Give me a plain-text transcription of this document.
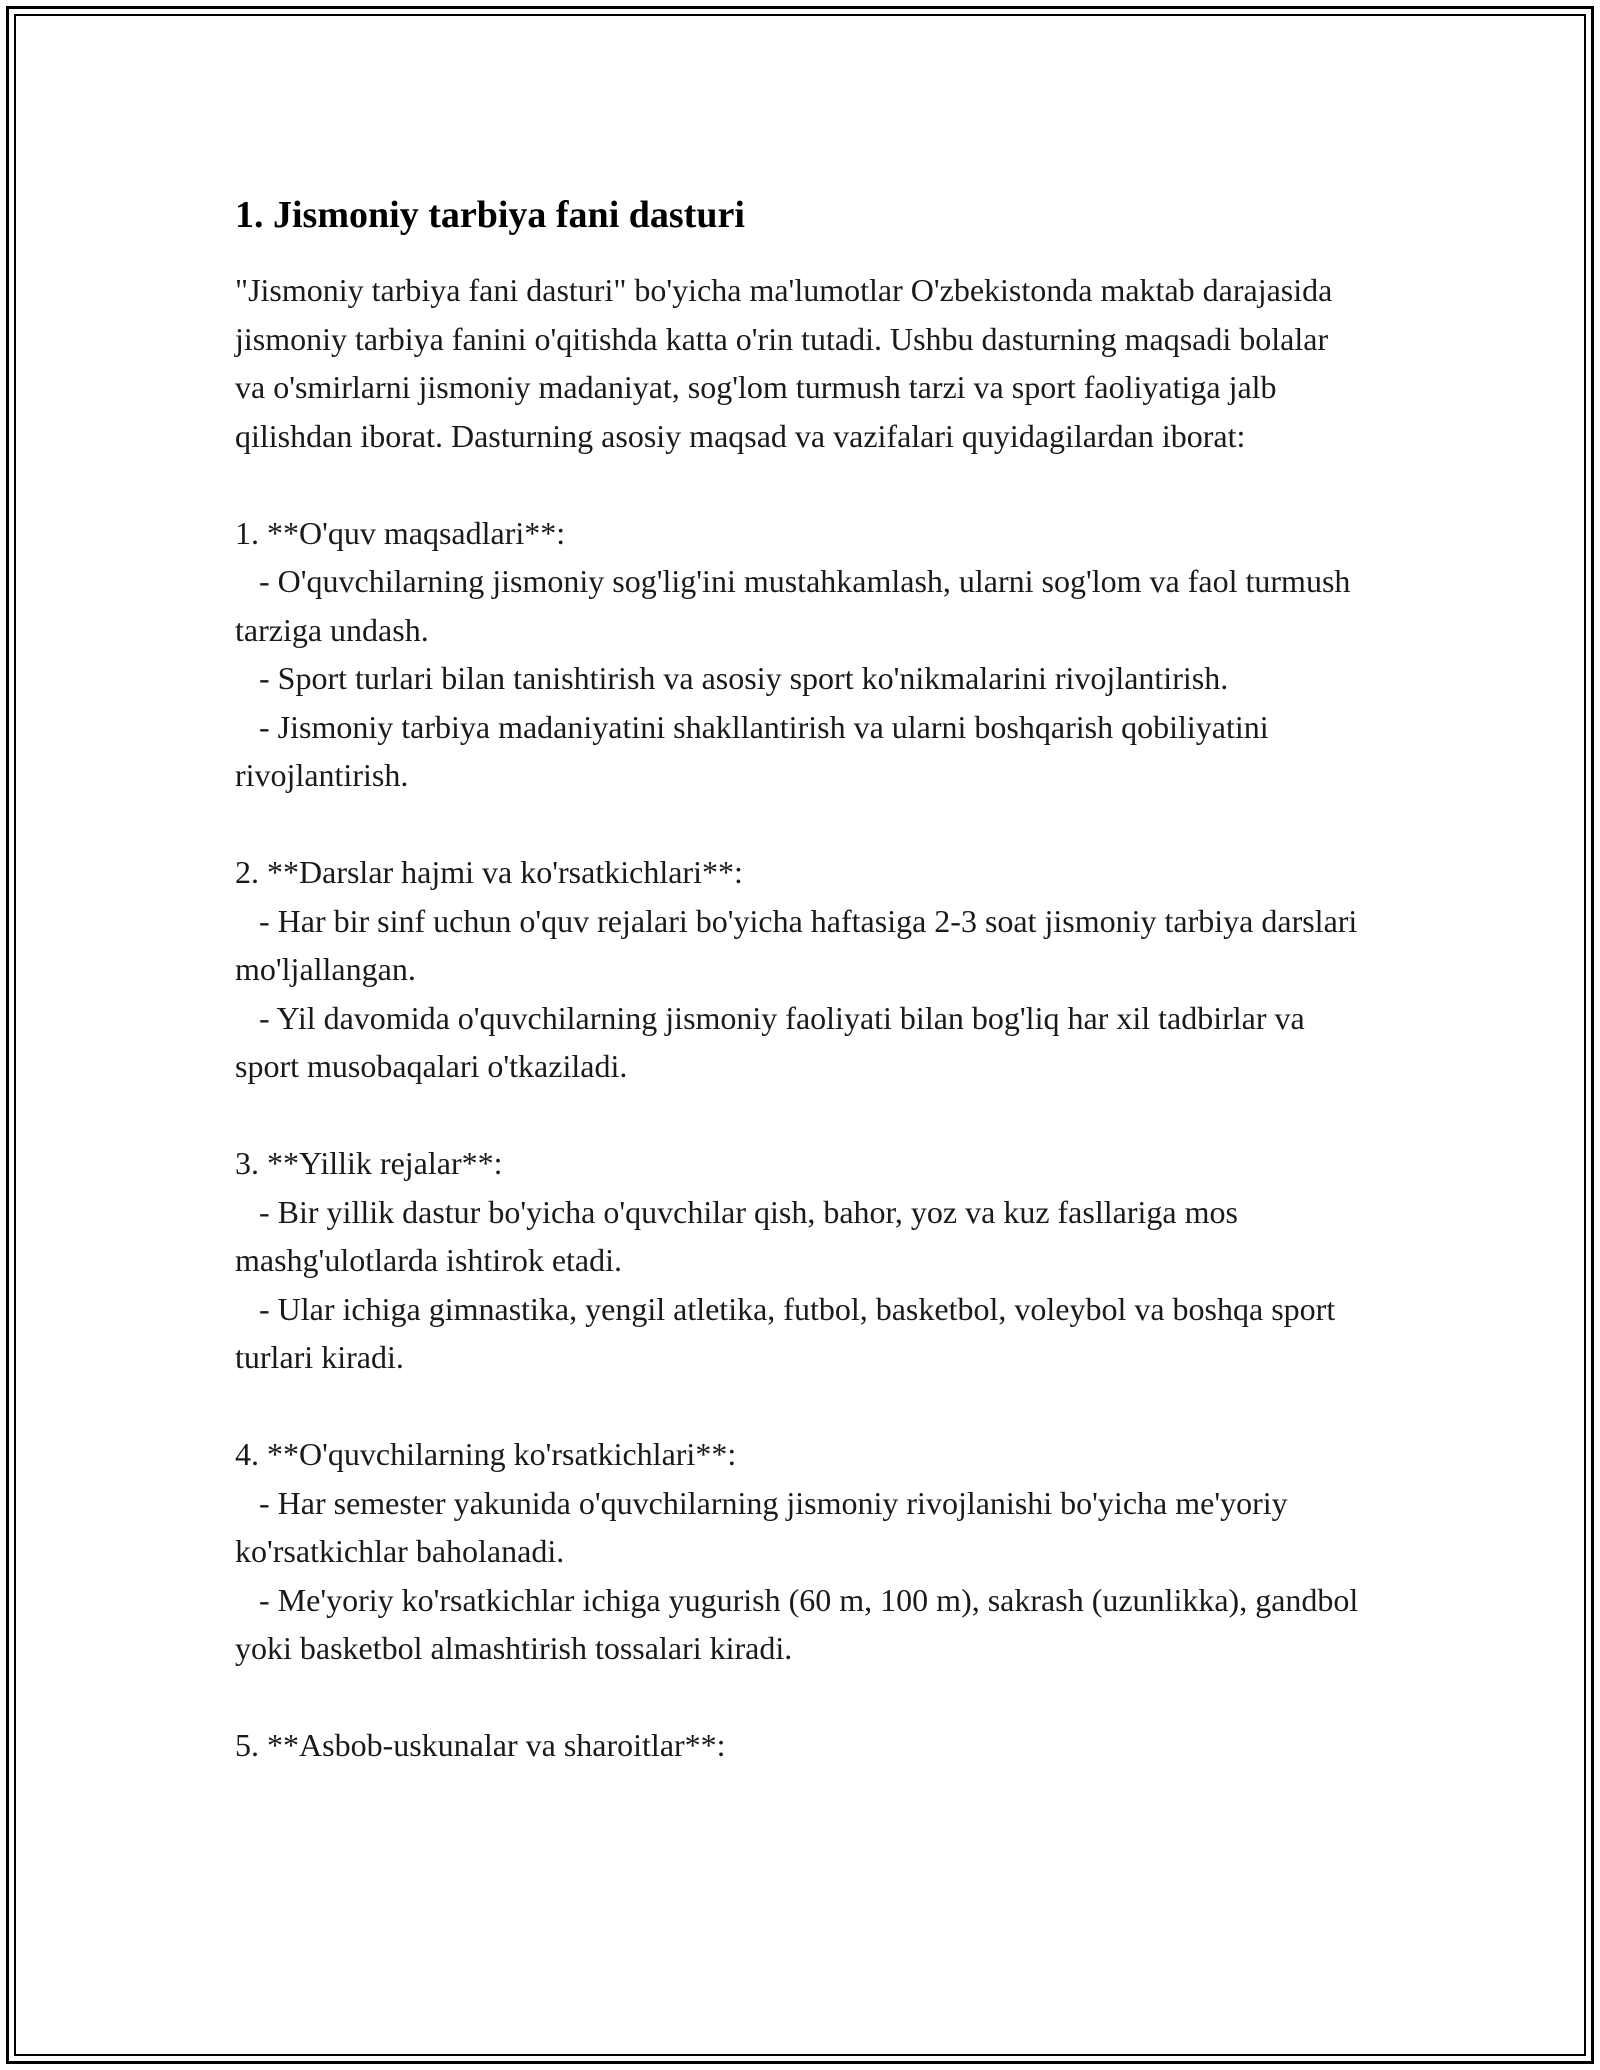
1. Jismoniy tarbiya fani dasturi

"Jismoniy tarbiya fani dasturi" bo'yicha ma'lumotlar O'zbekistonda maktab darajasida jismoniy tarbiya fanini o'qitishda katta o'rin tutadi. Ushbu dasturning maqsadi bolalar va o'smirlarni jismoniy madaniyat, sog'lom turmush tarzi va sport faoliyatiga jalb qilishdan iborat. Dasturning asosiy maqsad va vazifalari quyidagilardan iborat:

1. **O'quv maqsadlari**:

- O'quvchilarning jismoniy sog'lig'ini mustahkamlash, ularni sog'lom va faol turmush tarziga undash.

- Sport turlari bilan tanishtirish va asosiy sport ko'nikmalarini rivojlantirish.

- Jismoniy tarbiya madaniyatini shakllantirish va ularni boshqarish qobiliyatini rivojlantirish.

2. **Darslar hajmi va ko'rsatkichlari**:

- Har bir sinf uchun o'quv rejalari bo'yicha haftasiga 2-3 soat jismoniy tarbiya darslari mo'ljallangan.

- Yil davomida o'quvchilarning jismoniy faoliyati bilan bog'liq har xil tadbirlar va sport musobaqalari o'tkaziladi.

3. **Yillik rejalar**:

- Bir yillik dastur bo'yicha o'quvchilar qish, bahor, yoz va kuz fasllariga mos mashg'ulotlarda ishtirok etadi.

- Ular ichiga gimnastika, yengil atletika, futbol, basketbol, voleybol va boshqa sport turlari kiradi.

4. **O'quvchilarning ko'rsatkichlari**:

- Har semester yakunida o'quvchilarning jismoniy rivojlanishi bo'yicha me'yoriy ko'rsatkichlar baholanadi.

- Me'yoriy ko'rsatkichlar ichiga yugurish (60 m, 100 m), sakrash (uzunlikka), gandbol yoki basketbol almashtirish tossalari kiradi.

5. **Asbob-uskunalar va sharoitlar**:
